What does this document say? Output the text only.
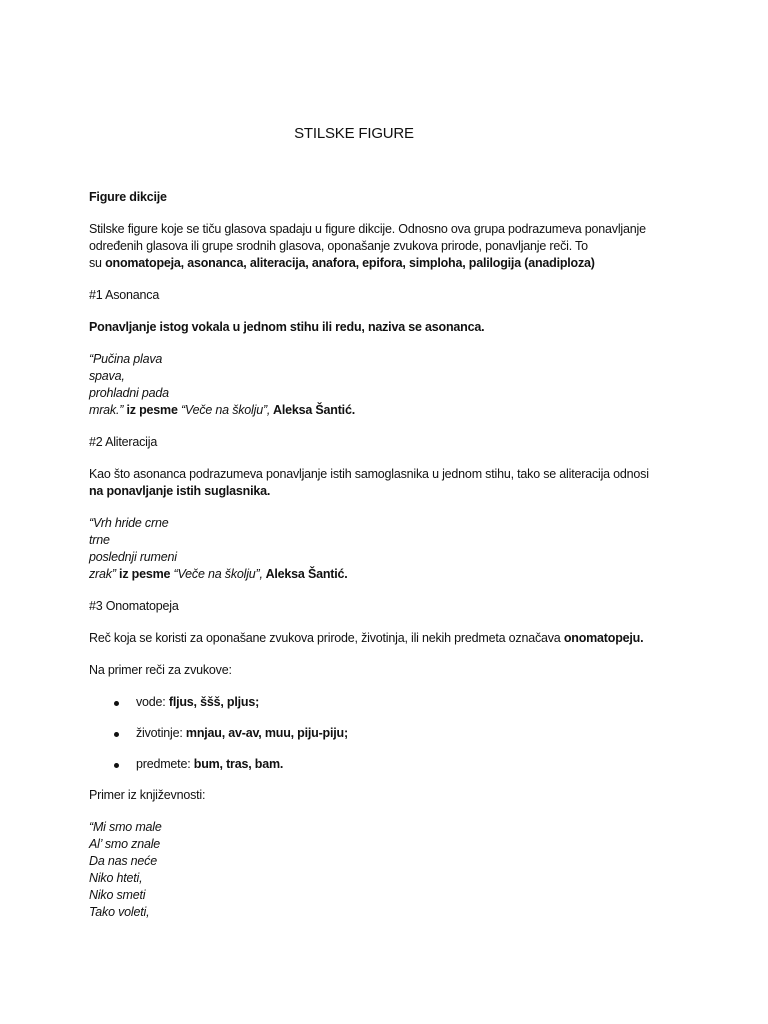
STILSKE FIGURE

Figure dikcije

Stilske figure koje se tiču glasova spadaju u figure dikcije. Odnosno ova grupa podrazumeva ponavljanje

određenih glasova ili grupe srodnih glasova, oponašanje zvukova prirode, ponavljanje reči. To

su onomatopeja, asonanca, aliteracija, anafora, epifora, simploha, palilogija (anadiploza)

#1 Asonanca

Ponavljanje istog vokala u jednom stihu ili redu, naziva se asonanca.

“Pučina plava
spava,
prohladni pada
mrak.” iz pesme “Veče na školju”, Aleksa Šantić.

#2 Aliteracija

Kao što asonanca podrazumeva ponavljanje istih samoglasnika u jednom stihu, tako se aliteracija odnosi

na ponavljanje istih suglasnika.

“Vrh hride crne
trne
poslednji rumeni
zrak” iz pesme “Veče na školju”, Aleksa Šantić.

#3 Onomatopeja

Reč koja se koristi za oponašane zvukova prirode, životinja, ili nekih predmeta označava onomatopeju.

Na primer reči za zvukove:

vode: fljus, ššš, pljus;
životinje: mnjau, av-av, muu, piju-piju;
predmete: bum, tras, bam.

Primer iz književnosti:

“Mi smo male
Al’ smo znale
Da nas neće
Niko hteti,
Niko smeti
Tako voleti,
